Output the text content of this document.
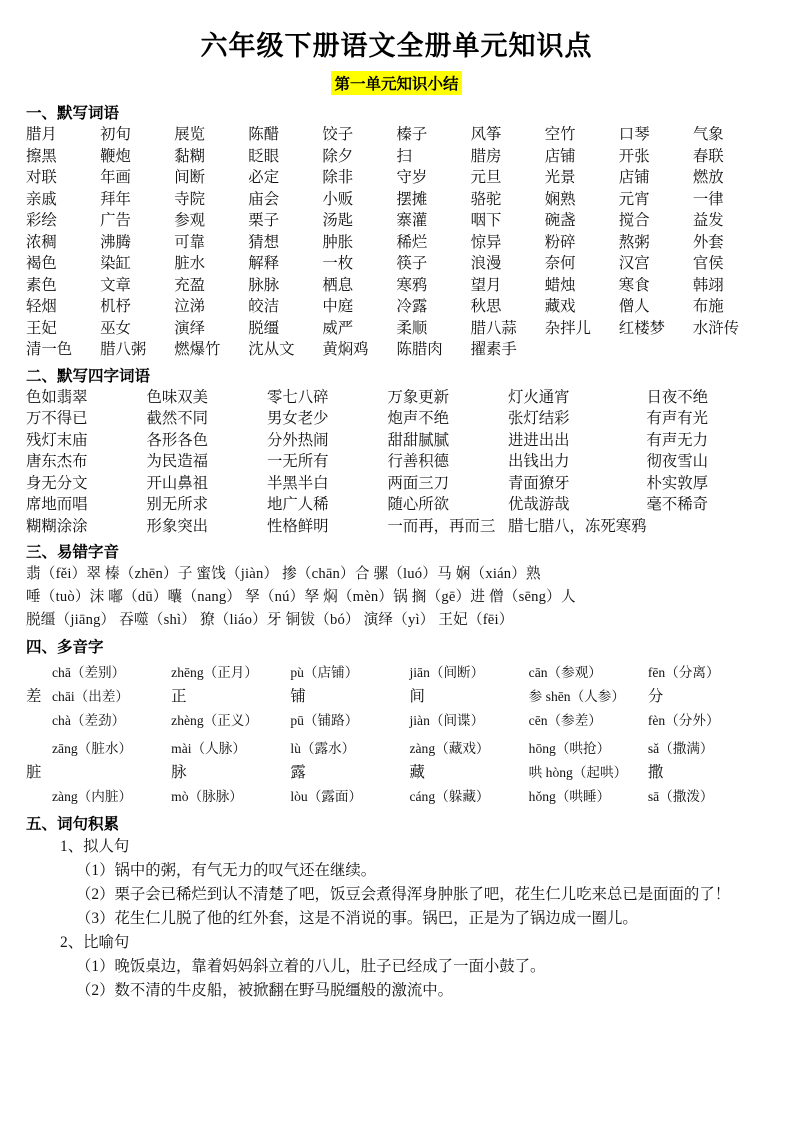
六年级下册语文全册单元知识点
第一单元知识小结
一、默写词语
腊月	初旬	展览	陈醋	饺子	榛子	风筝	空竹	口琴	气象
擦黑	鞭炮	黏糊	眨眼	除夕	扫	腊房	店铺	开张	春联
对联	年画	间断	必定	除非	守岁	元旦	光景	店铺	燃放
亲戚	拜年	寺院	庙会	小贩	摆摊	骆驼	娴熟	元宵	一律
彩绘	广告	参观	栗子	汤匙	寨灌	咽下	碗盏	搅合	益发
浓稠	沸腾	可靠	猜想	肿胀	稀烂	惊异	粉碎	熬粥	外套
褐色	染缸	脏水	解释	一枚	筷子	浪漫	奈何	汉宫	官侯
素色	文章	充盈	脉脉	栖息	寒鸦	望月	蜡烛	寒食	韩翊
轻烟	机杼	泣涕	皎洁	中庭	冷露	秋思	藏戏	僧人	布施
王妃	巫女	演绎	脱缰	威严	柔顺	腊八蒜	杂拌儿	红楼梦	水浒传
清一色	腊八粥	燃爆竹	沈从文	黄焖鸡	陈腊肉	擢素手
二、默写四字词语
色如翡翠	色味双美	零七八碎	万象更新	灯火通宵	日夜不绝
万不得已	截然不同	男女老少	炮声不绝	张灯结彩	有声有光
残灯末庙	各形各色	分外热闹	甜甜腻腻	进进出出	有声无力
唐东杰布	为民造福	一无所有	行善积德	出钱出力	彻夜雪山
身无分文	开山鼻祖	半黑半白	两面三刀	青面獠牙	朴实敦厚
席地而唱	别无所求	地广人稀	随心所欲	优哉游哉	毫不稀奇
糊糊涂涂	形象突出	性格鲜明	一而再，再而三 腊七腊八，冻死寒鸦
三、易错字音
翡（fěi）翠 榛（zhēn）子 蜜饯（jiàn） 掺（chān）合 骡（luó）马 娴（xián）熟
唾（tuò）沫 嘟（dū）囔（nang） 孥（nú）孥 焖（mèn）锅 搁（gē）进 僧（sēng）人
脱缰（jiāng） 吞噬（shì） 獠（liáo）牙 铜钹（bó） 演绎（yì） 王妃（fēi）
四、多音字
chā（差别）	zhēng（正月）	pù（店铺）	jiān（间断）	cān（参观）	fēn（分离）
差 chāi（出差）	正	铺	间	参 shēn（人参）	分
chà（差劲）	zhèng（正义）	pū（铺路）	jiàn（间谍）	cēn（参差）	fèn（分外）
zāng（脏水）	mài（人脉）	lù（露水）	zàng（藏戏）	hōng（哄抢）	sǎ（撒满）
脏	脉	露	藏	哄 hòng（起哄）	撒
zàng（内脏）	mò（脉脉）	lòu（露面）	cáng（躲藏）	hǒng（哄睡）	sā（撒泼）
五、词句积累
1、拟人句

（1）锅中的粥，有气无力的叹气还在继续。

（2）栗子会已稀烂到认不清楚了吧，饭豆会煮得浑身肿胀了吧，花生仁儿吃来总已是面面的了！

（3）花生仁儿脱了他的红外套，这是不消说的事。锅巴，正是为了锅边成一圈儿。

2、比喻句

（1）晚饭桌边，靠着妈妈斜立着的八儿，肚子已经成了一面小鼓了。

（2）数不清的牛皮船，被掀翻在野马脱缰般的激流中。
